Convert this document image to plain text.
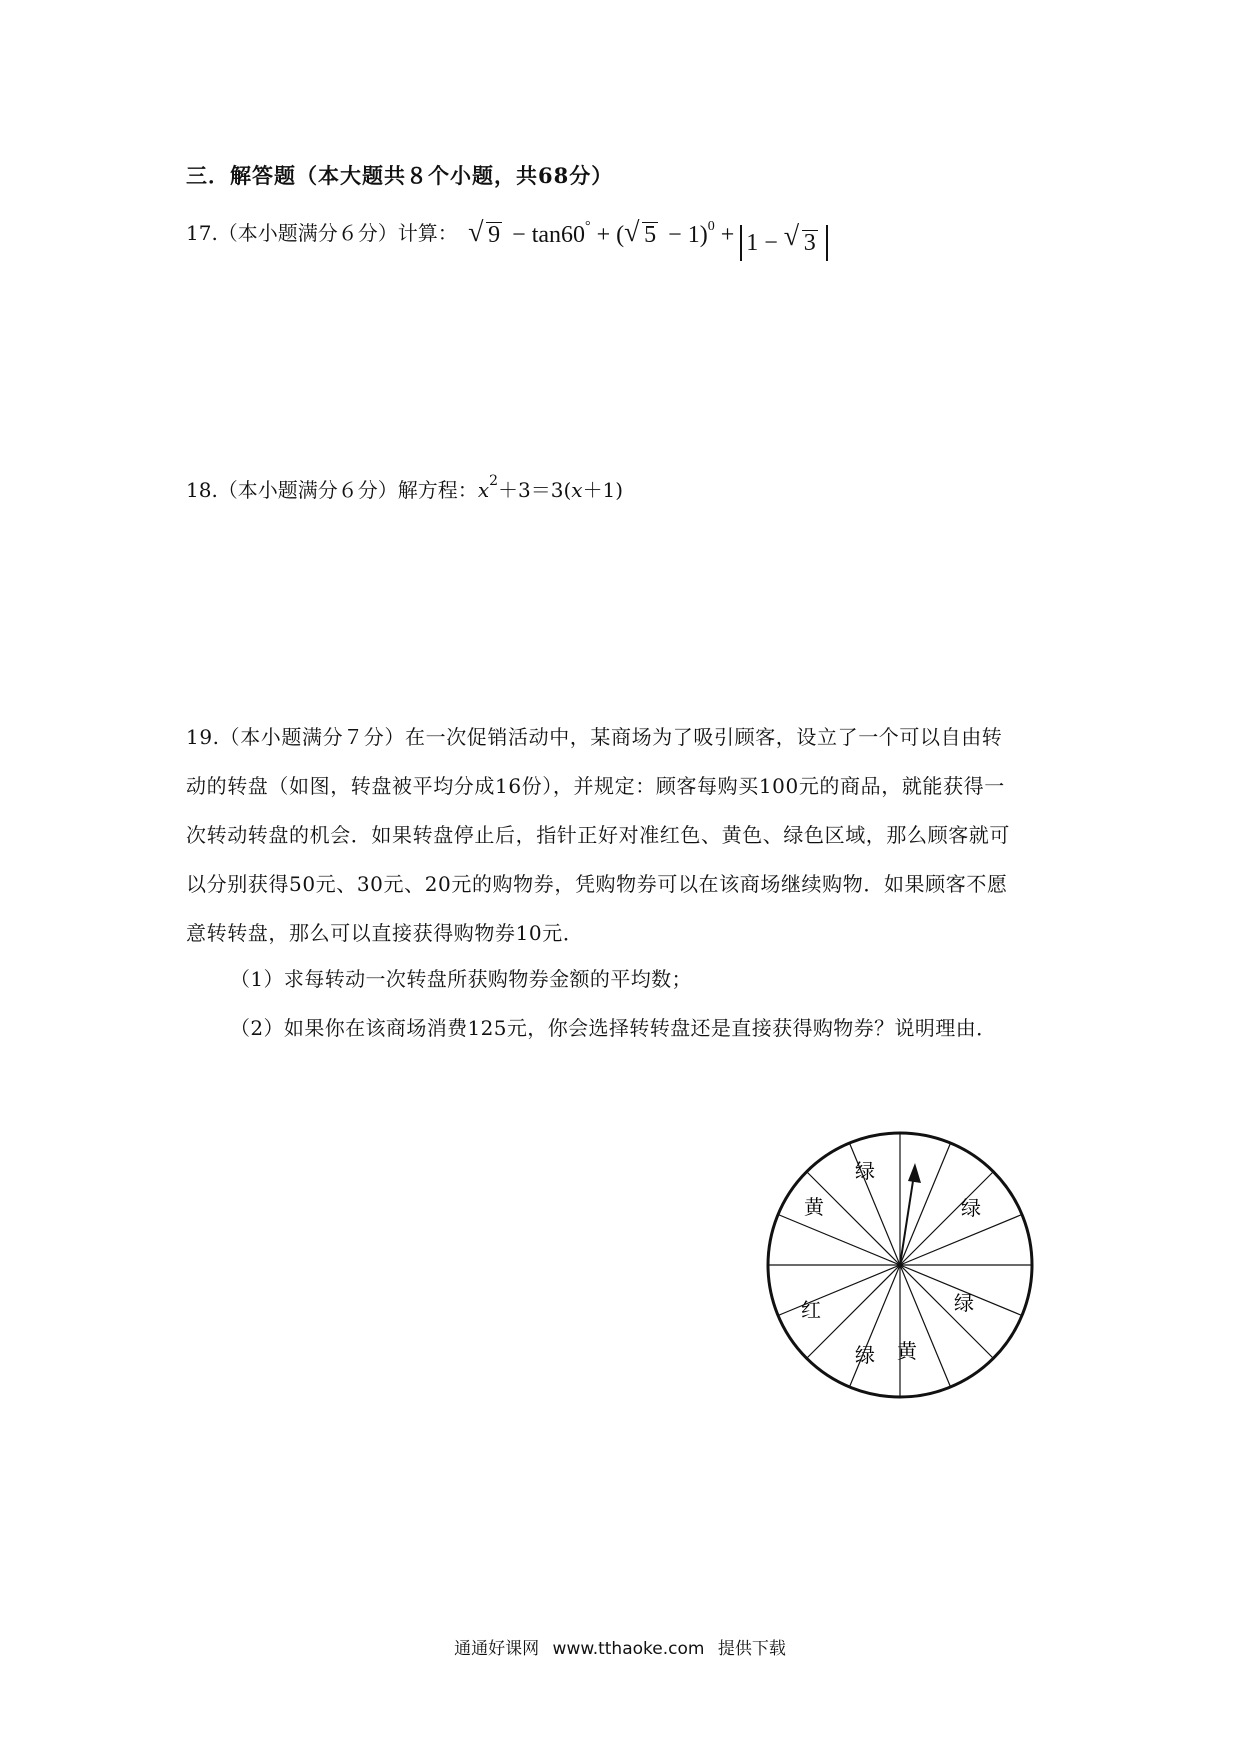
三．解答题（本大题共８个小题，共68分）
17.（本小题满分６分）计算： √ 9 − tan60° + ( √ 5 − 1)$^0$ + 1 − √ 3
18.（本小题满分６分）解方程：$x^2+3=3(x+1)$
19.（本小题满分７分）在一次促销活动中，某商场为了吸引顾客，设立了一个可以自由转
动的转盘（如图，转盘被平均分成16份），并规定：顾客每购买100元的商品，就能获得一
次转动转盘的机会．如果转盘停止后，指针正好对准红色、黄色、绿色区域，那么顾客就可
以分别获得50元、30元、20元的购物券，凭购物券可以在该商场继续购物．如果顾客不愿
意转转盘，那么可以直接获得购物券10元．
（1）求每转动一次转盘所获购物券金额的平均数；
（2）如果你在该商场消费125元，你会选择转转盘还是直接获得购物券？说明理由．
绿
绿
黄
红	绿
黄
绿
通通好课网 www.tthaoke.com 提供下载
